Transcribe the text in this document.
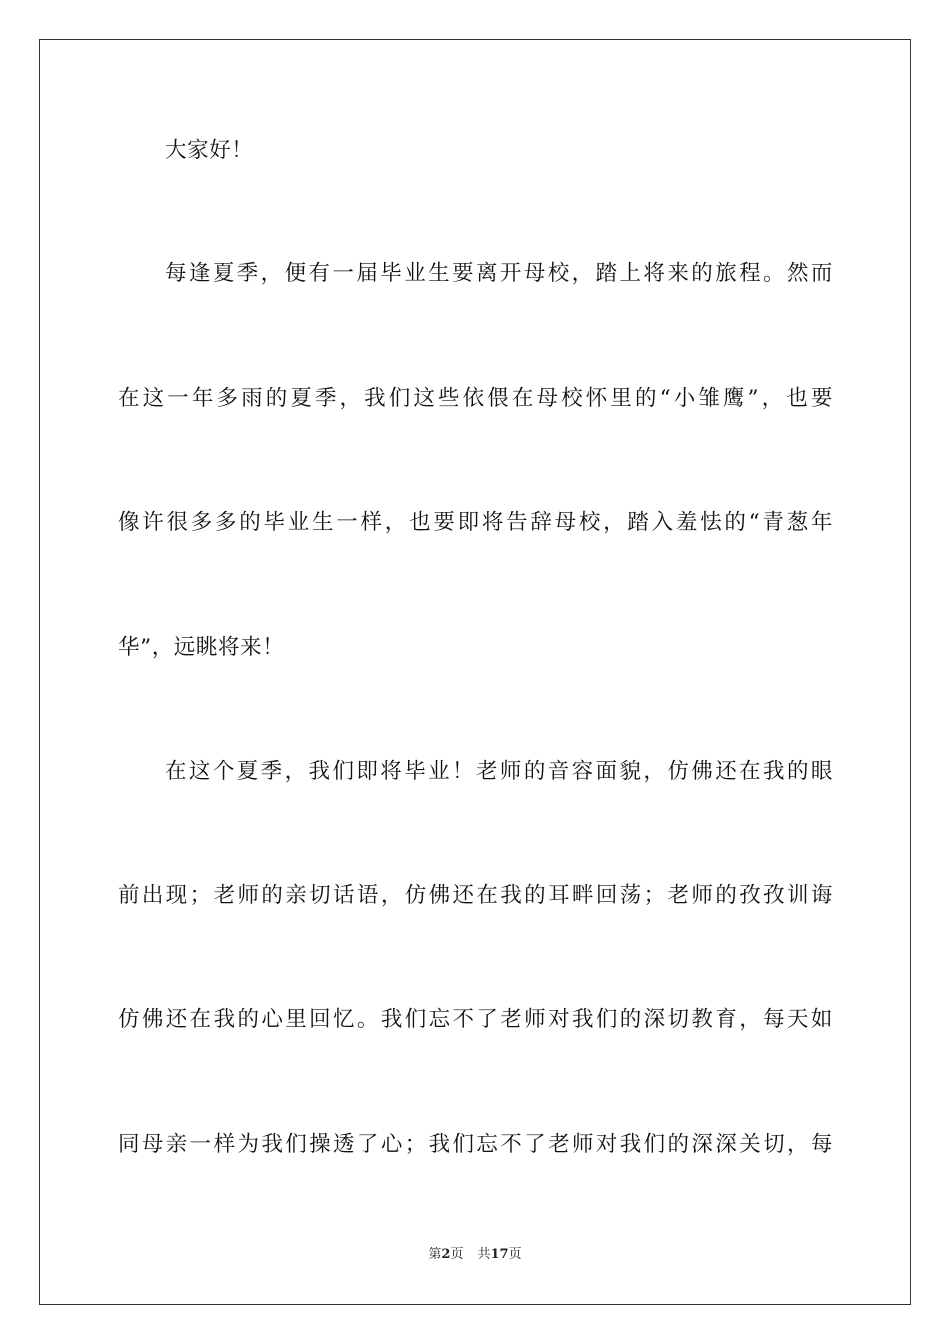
大家好！
每逢夏季，便有一届毕业生要离开母校，踏上将来的旅程。然而
在这一年多雨的夏季，我们这些依偎在母校怀里的“小雏鹰”，也要
像许很多多的毕业生一样，也要即将告辞母校，踏入羞怯的“青葱年
华”，远眺将来！
在这个夏季，我们即将毕业！老师的音容面貌，仿佛还在我的眼
前出现；老师的亲切话语，仿佛还在我的耳畔回荡；老师的孜孜训诲
仿佛还在我的心里回忆。我们忘不了老师对我们的深切教育，每天如
同母亲一样为我们操透了心；我们忘不了老师对我们的深深关切，每
第2页 共17页
